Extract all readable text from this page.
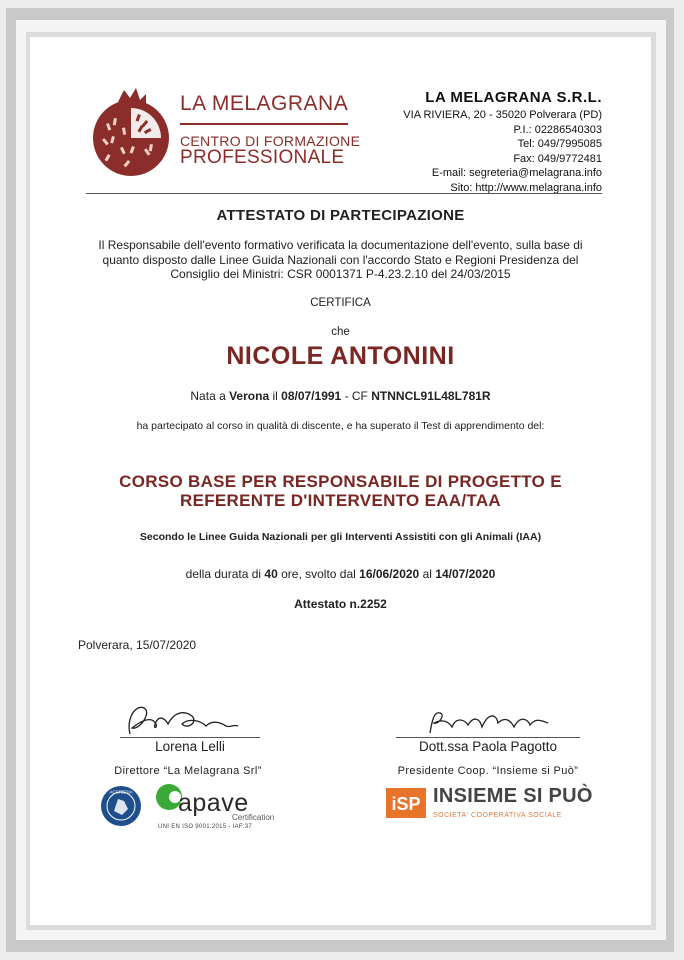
LA MELAGRANA
CENTRO DI FORMAZIONE
PROFESSIONALE
LA MELAGRANA S.R.L.
VIA RIVIERA, 20 - 35020 Polverara (PD)
P.I.: 02286540303
Tel: 049/7995085
Fax: 049/9772481
E-mail: segreteria@melagrana.info
Sito: http://www.melagrana.info
ATTESTATO DI PARTECIPAZIONE
Il Responsabile dell'evento formativo verificata la documentazione dell'evento, sulla base di quanto disposto dalle Linee Guida Nazionali con l'accordo Stato e Regioni Presidenza del Consiglio dei Ministri: CSR 0001371 P-4.23.2.10 del 24/03/2015
CERTIFICA
che
NICOLE ANTONINI
Nata a Verona il 08/07/1991 - CF NTNNCL91L48L781R
ha partecipato al corso in qualità di discente, e ha superato il Test di apprendimento del:
CORSO BASE PER RESPONSABILE DI PROGETTO E
REFERENTE D'INTERVENTO EAA/TAA
Secondo le Linee Guida Nazionali per gli Interventi Assistiti con gli Animali (IAA)
della durata di 40 ore, svolto dal 16/06/2020 al 14/07/2020
Attestato n.2252
Polverara, 15/07/2020
Lorena Lelli
Direttore “La Melagrana Srl”
Dott.ssa Paola Pagotto
Presidente Coop. “Insieme si Può”
ACCREDIA apave
Certification
UNI EN ISO 9001:2015 - IAF:37
iSP INSIEME SI PUÒ
SOCIETA' COOPERATIVA SOCIALE
